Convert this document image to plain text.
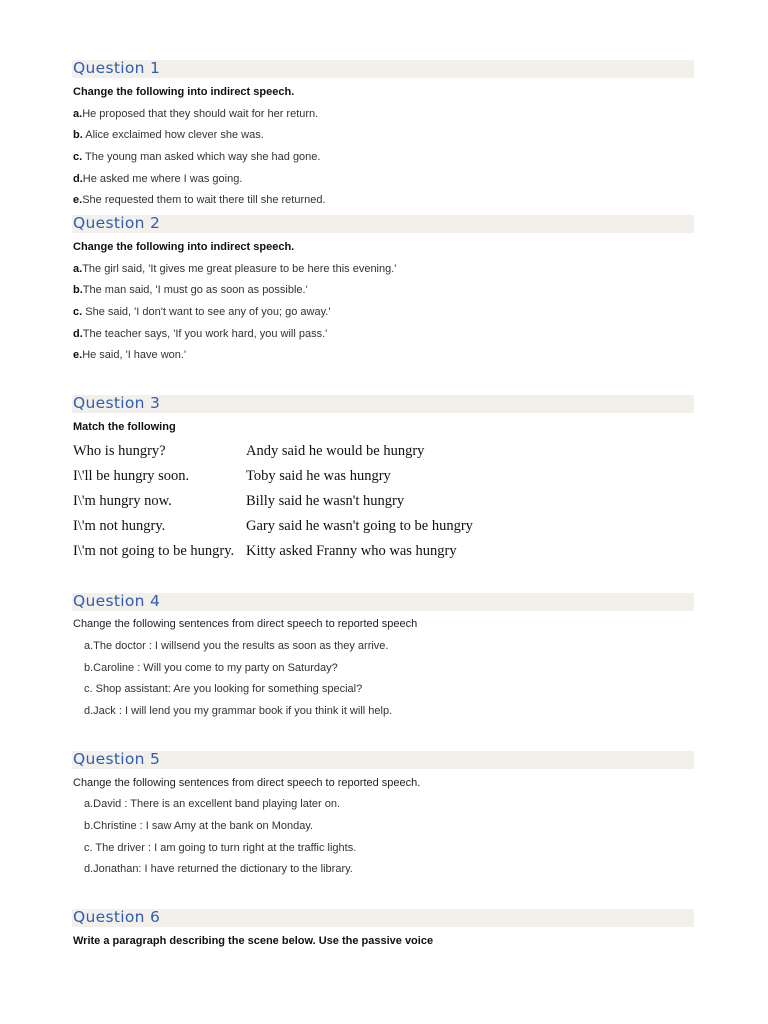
Question 1
Change the following into indirect speech.
a.He proposed that they should wait for her return.
b. Alice exclaimed how clever she was.
c. The young man asked which way she had gone.
d.He asked me where I was going.
e.She requested them to wait there till she returned.
Question 2
Change the following into indirect speech.
a.The girl said, 'It gives me great pleasure to be here this evening.'
b.The man said, 'I must go as soon as possible.'
c. She said, 'I don't want to see any of you; go away.'
d.The teacher says, 'If you work hard, you will pass.'
e.He said, 'I have won.'
Question 3
Match the following
Who is hungry?
I\'ll be hungry soon.
I\'m hungry now.
I\'m not hungry.
I\'m not going to be hungry.
Andy said he would be hungry
Toby said he was hungry
Billy said he wasn't hungry
Gary said he wasn't going to be hungry
Kitty asked Franny who was hungry
Question 4
Change the following sentences from direct speech to reported speech
a.The doctor : I willsend you the results as soon as they arrive.
b.Caroline : Will you come to my party on Saturday?
c. Shop assistant: Are you looking for something special?
d.Jack : I will lend you my grammar book if you think it will help.
Question 5
Change the following sentences from direct speech to reported speech.
a.David : There is an excellent band playing later on.
b.Christine : I saw Amy at the bank on Monday.
c. The driver : I am going to turn right at the traffic lights.
d.Jonathan: I have returned the dictionary to the library.
Question 6
Write a paragraph describing the scene below. Use the passive voice
